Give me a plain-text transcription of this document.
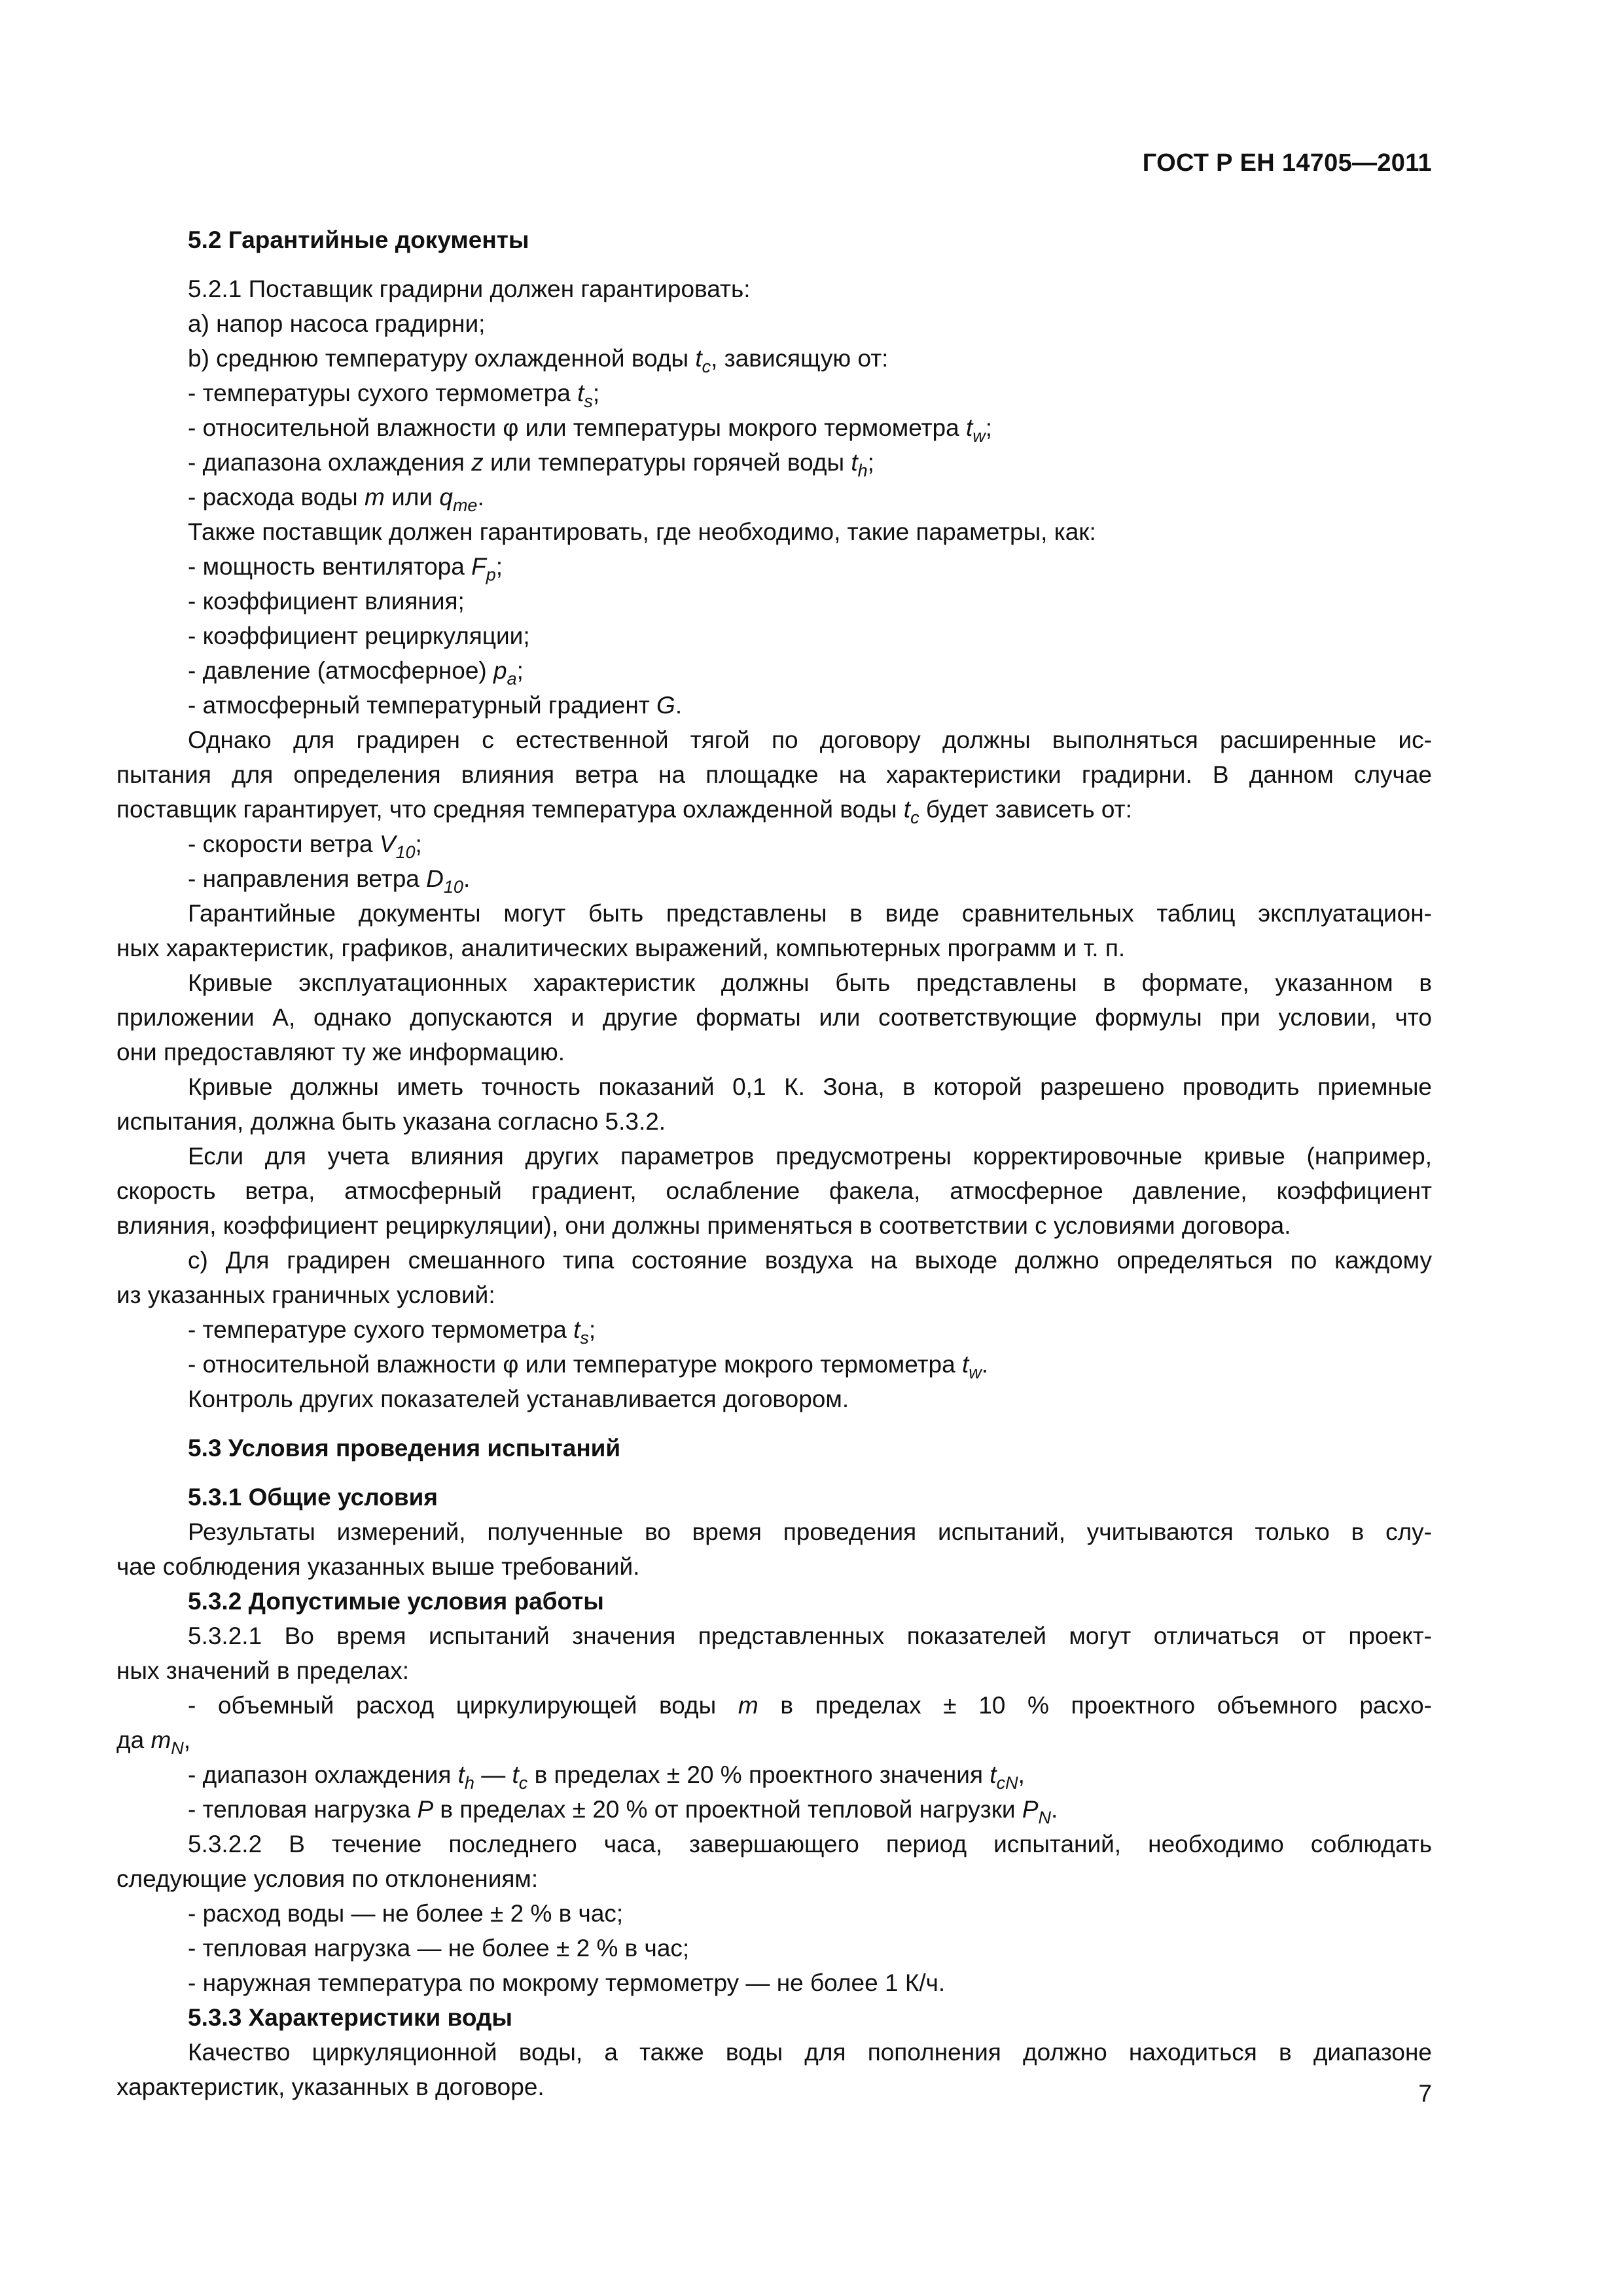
ГОСТ Р ЕН 14705—2011
5.2 Гарантийные документы
5.2.1 Поставщик градирни должен гарантировать:
a) напор насоса градирни;
b) среднюю температуру охлажденной воды $t_c$, зависящую от:
- температуры сухого термометра $t_s$;
- относительной влажности φ или температуры мокрого термометра $t_w$;
- диапазона охлаждения z или температуры горячей воды $t_h$;
- расхода воды m или $q_{me}$.
Также поставщик должен гарантировать, где необходимо, такие параметры, как:
- мощность вентилятора $F_p$;
- коэффициент влияния;
- коэффициент рециркуляции;
- давление (атмосферное) $p_a$;
- атмосферный температурный градиент G.
Однако для градирен с естественной тягой по договору должны выполняться расширенные ис-
пытания для определения влияния ветра на площадке на характеристики градирни. В данном случае
поставщик гарантирует, что средняя температура охлажденной воды $t_c$ будет зависеть от:
- скорости ветра $V_{10}$;
- направления ветра $D_{10}$.
Гарантийные документы могут быть представлены в виде сравнительных таблиц эксплуатацион-
ных характеристик, графиков, аналитических выражений, компьютерных программ и т. п.
Кривые эксплуатационных характеристик должны быть представлены в формате, указанном в
приложении А, однако допускаются и другие форматы или соответствующие формулы при условии, что
они предоставляют ту же информацию.
Кривые должны иметь точность показаний 0,1 К. Зона, в которой разрешено проводить приемные
испытания, должна быть указана согласно 5.3.2.
Если для учета влияния других параметров предусмотрены корректировочные кривые (например,
скорость ветра, атмосферный градиент, ослабление факела, атмосферное давление, коэффициент
влияния, коэффициент рециркуляции), они должны применяться в соответствии с условиями договора.
c) Для градирен смешанного типа состояние воздуха на выходе должно определяться по каждому
из указанных граничных условий:
- температуре сухого термометра $t_s$;
- относительной влажности φ или температуре мокрого термометра $t_w$.
Контроль других показателей устанавливается договором.
5.3 Условия проведения испытаний
5.3.1 Общие условия
Результаты измерений, полученные во время проведения испытаний, учитываются только в слу-
чае соблюдения указанных выше требований.
5.3.2 Допустимые условия работы
5.3.2.1 Во время испытаний значения представленных показателей могут отличаться от проект-
ных значений в пределах:
- объемный расход циркулирующей воды m в пределах ± 10 % проектного объемного расхо-
да $m_N$,
- диапазон охлаждения $t_h$ — $t_c$ в пределах ± 20 % проектного значения $t_{cN}$,
- тепловая нагрузка P в пределах ± 20 % от проектной тепловой нагрузки $P_N$.
5.3.2.2 В течение последнего часа, завершающего период испытаний, необходимо соблюдать
следующие условия по отклонениям:
- расход воды — не более ± 2 % в час;
- тепловая нагрузка — не более ± 2 % в час;
- наружная температура по мокрому термометру — не более 1 К/ч.
5.3.3 Характеристики воды
Качество циркуляционной воды, а также воды для пополнения должно находиться в диапазоне
характеристик, указанных в договоре.	7
